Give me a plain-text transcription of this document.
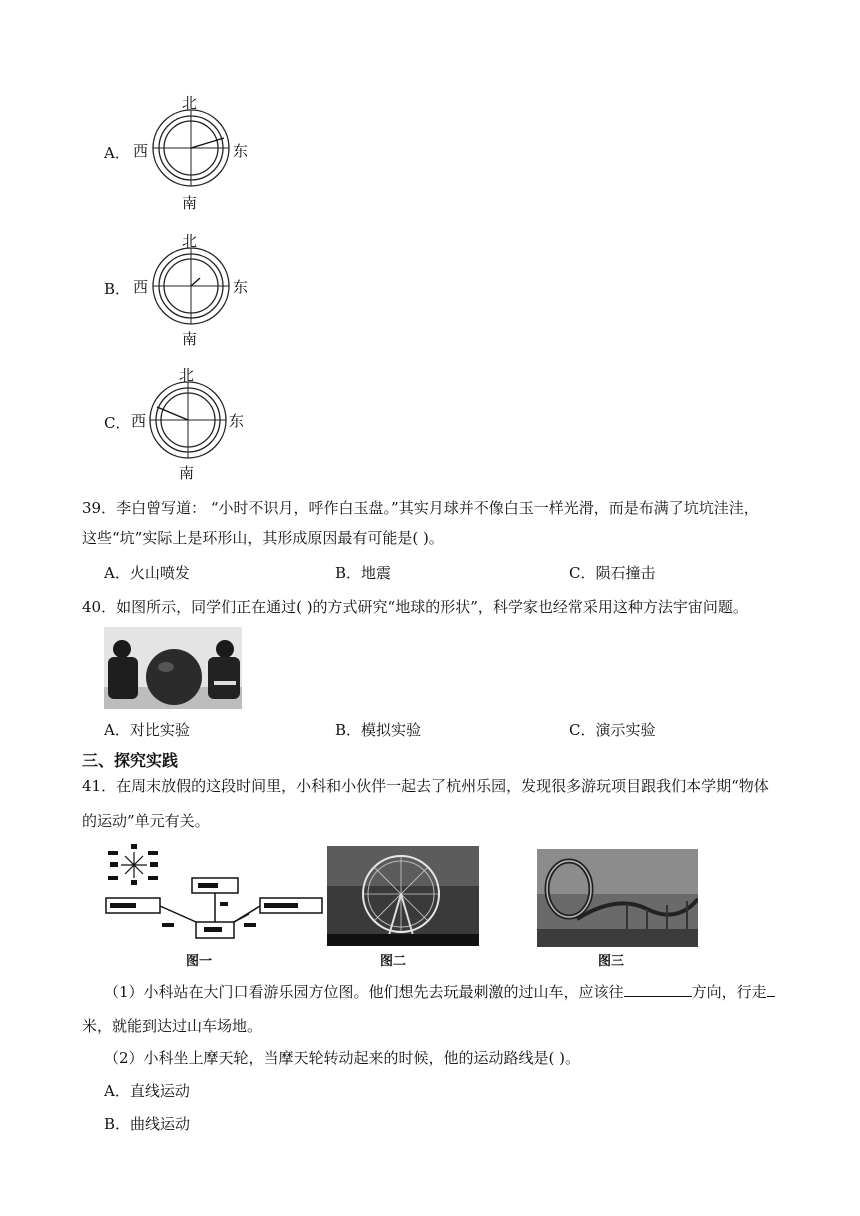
A． 西	东
北
南
B． 西	东
北
南
C． 西	东
北
南
39．李白曾写道： “小时不识月，呼作白玉盘。”其实月球并不像白玉一样光滑，而是布满了坑坑洼洼，
这些“坑”实际上是环形山，其形成原因最有可能是( )。
A．火山喷发	B．地震	C．陨石撞击
40．如图所示，同学们正在通过( )的方式研究“地球的形状”，科学家也经常采用这种方法宇宙问题。
A．对比实验	B．模拟实验	C．演示实验
三、探究实践
41．在周末放假的这段时间里，小科和小伙伴一起去了杭州乐园，发现很多游玩项目跟我们本学期“物体
的运动”单元有关。
图一	图二	图三
（1）小科站在大门口看游乐园方位图。他们想先去玩最刺激的过山车，应该往	方向，行走
米，就能到达过山车场地。
（2）小科坐上摩天轮，当摩天轮转动起来的时候，他的运动路线是( )。
A．直线运动
B．曲线运动
